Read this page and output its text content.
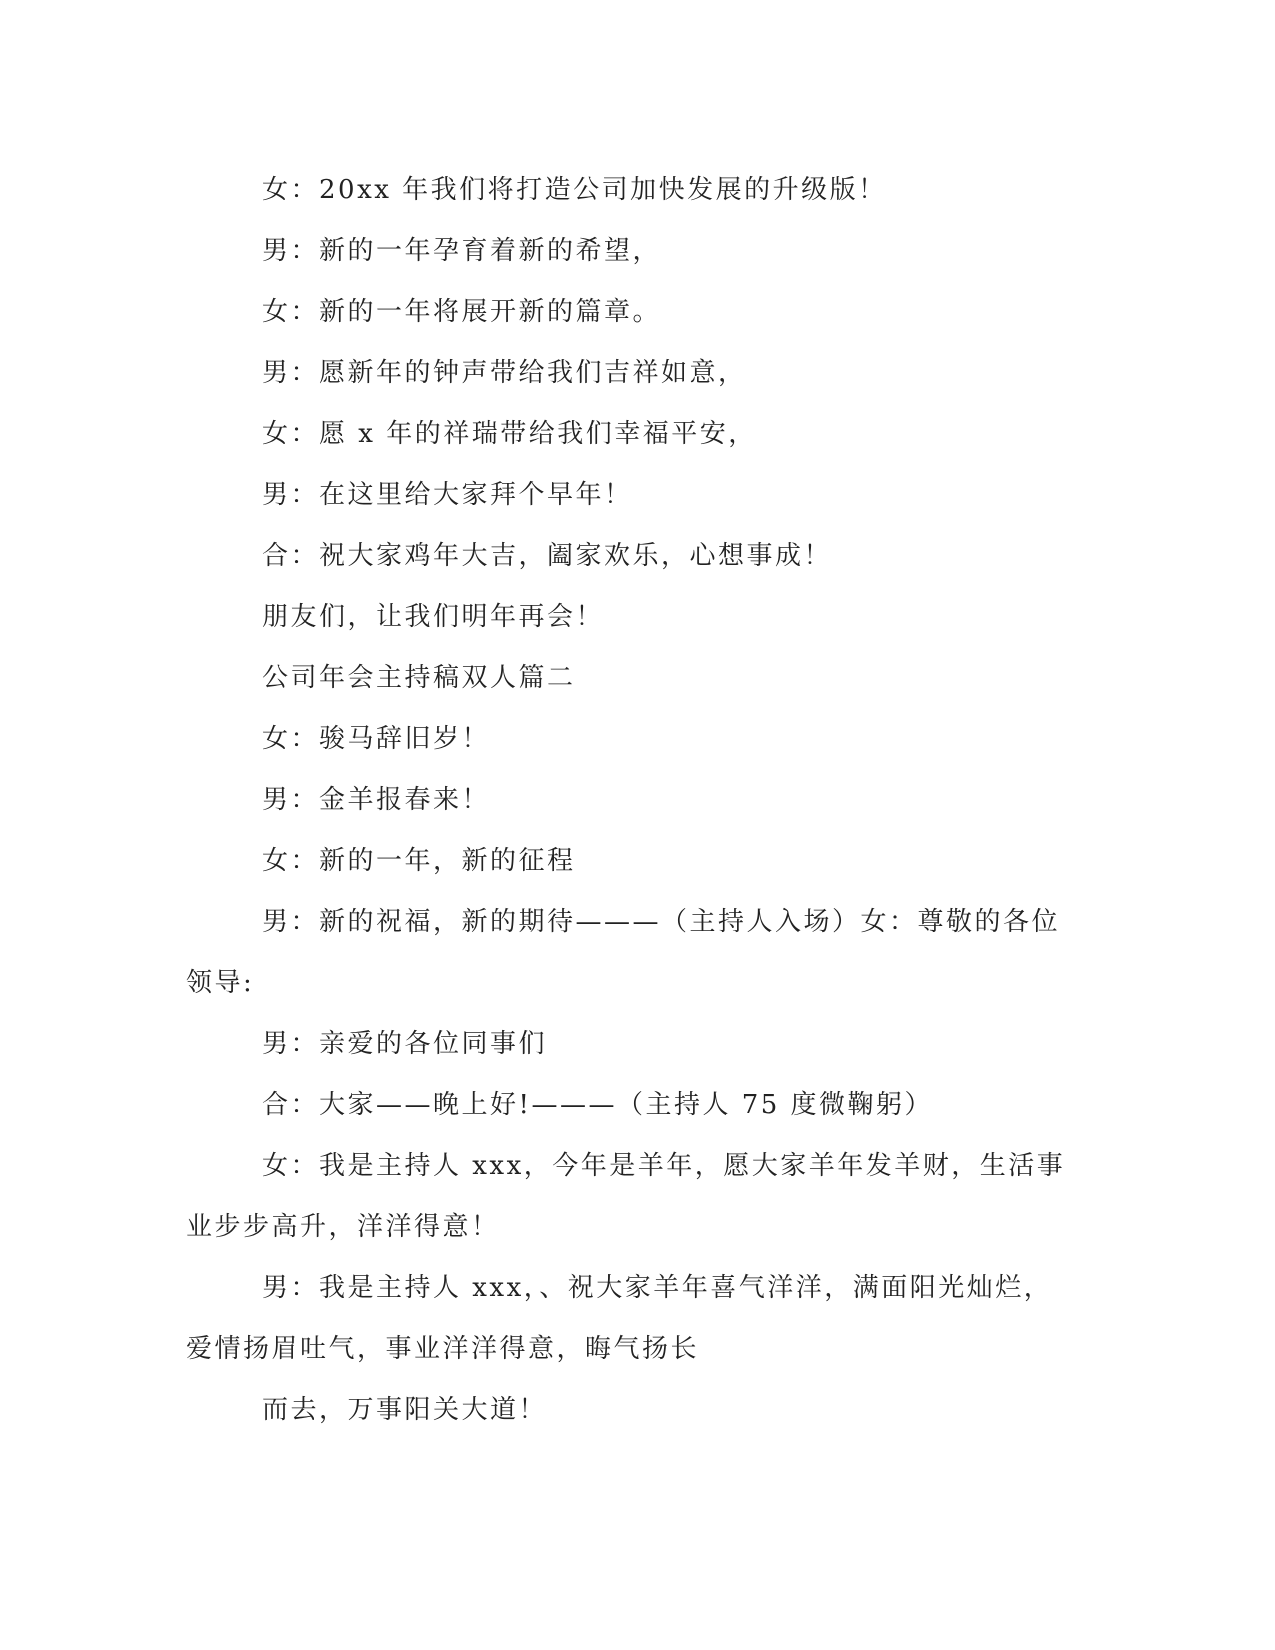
女：20xx 年我们将打造公司加快发展的升级版！

男：新的一年孕育着新的希望，

女：新的一年将展开新的篇章。

男：愿新年的钟声带给我们吉祥如意，

女：愿 x 年的祥瑞带给我们幸福平安，

男：在这里给大家拜个早年！

合：祝大家鸡年大吉，阖家欢乐，心想事成！

朋友们，让我们明年再会！

公司年会主持稿双人篇二

女：骏马辞旧岁！

男：金羊报春来！

女：新的一年，新的征程

男：新的祝福，新的期待———（主持人入场）女：尊敬的各位领导:

男：亲爱的各位同事们

合：大家——晚上好!———（主持人 75 度微鞠躬）

女：我是主持人 xxx，今年是羊年，愿大家羊年发羊财，生活事业步步高升，洋洋得意！

男：我是主持人 xxx，、祝大家羊年喜气洋洋，满面阳光灿烂，爱情扬眉吐气，事业洋洋得意，晦气扬长

而去，万事阳关大道！
